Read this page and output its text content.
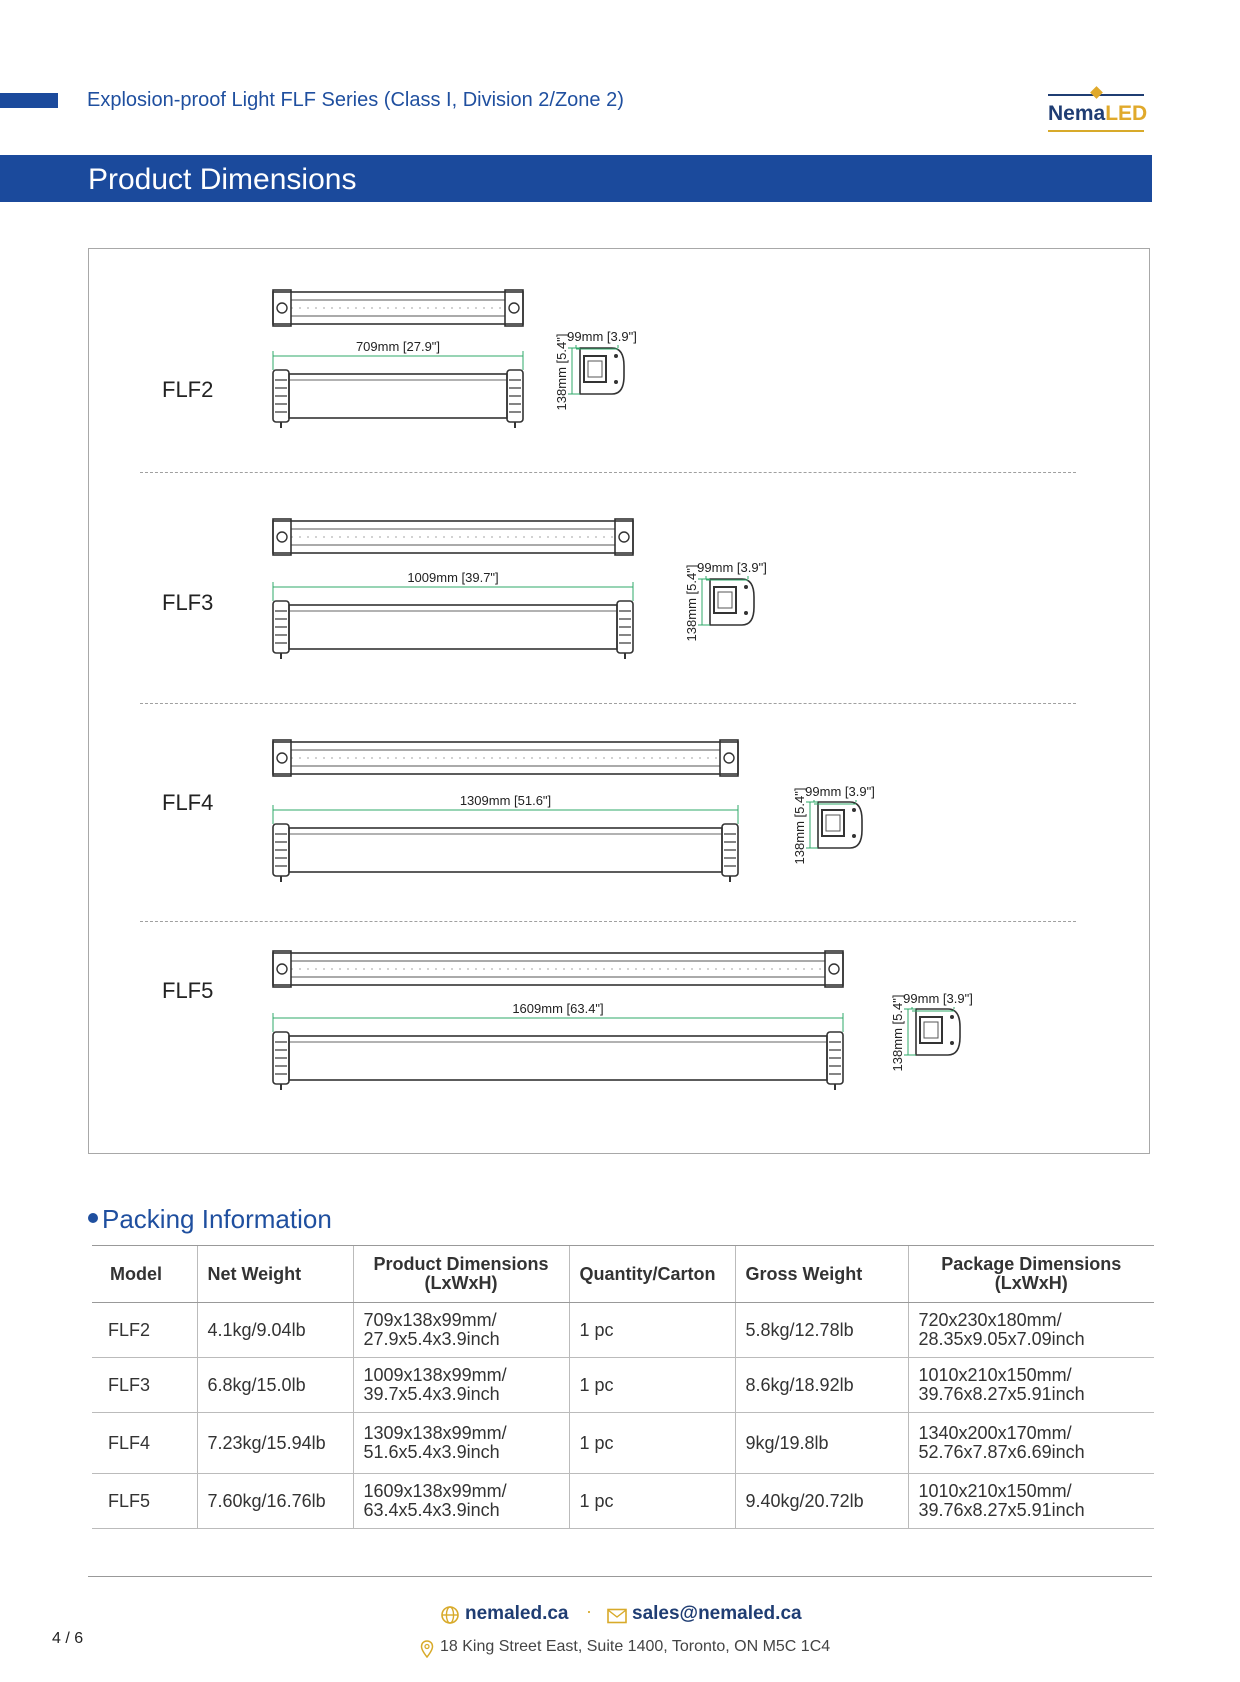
Explosion-proof Light FLF Series (Class I, Division 2/Zone 2)
NemaLED
Product Dimensions
FLF2
FLF3
FLF4
FLF5
709mm [27.9"]
99mm [3.9"]
138mm [5.4"]
1009mm [39.7"]
99mm [3.9"]
138mm [5.4"]
1309mm [51.6"]
99mm [3.9"]
138mm [5.4"]
1609mm [63.4"]
99mm [3.9"]
138mm [5.4"]
Packing Information
Model	Net Weight	Product Dimensions (LxWxH)	Quantity/Carton	Gross Weight	Package Dimensions (LxWxH)
FLF2	4.1kg/9.04lb	709x138x99mm/ 27.9x5.4x3.9inch	1 pc	5.8kg/12.78lb	720x230x180mm/ 28.35x9.05x7.09inch
FLF3	6.8kg/15.0lb	1009x138x99mm/ 39.7x5.4x3.9inch	1 pc	8.6kg/18.92lb	1010x210x150mm/ 39.76x8.27x5.91inch
FLF4	7.23kg/15.94lb	1309x138x99mm/ 51.6x5.4x3.9inch	1 pc	9kg/19.8lb	1340x200x170mm/ 52.76x7.87x6.69inch
FLF5	7.60kg/16.76lb	1609x138x99mm/ 63.4x5.4x3.9inch	1 pc	9.40kg/20.72lb	1010x210x150mm/ 39.76x8.27x5.91inch
4 / 6
nemaled.ca · sales@nemaled.ca
18 King Street East, Suite 1400, Toronto, ON M5C 1C4
